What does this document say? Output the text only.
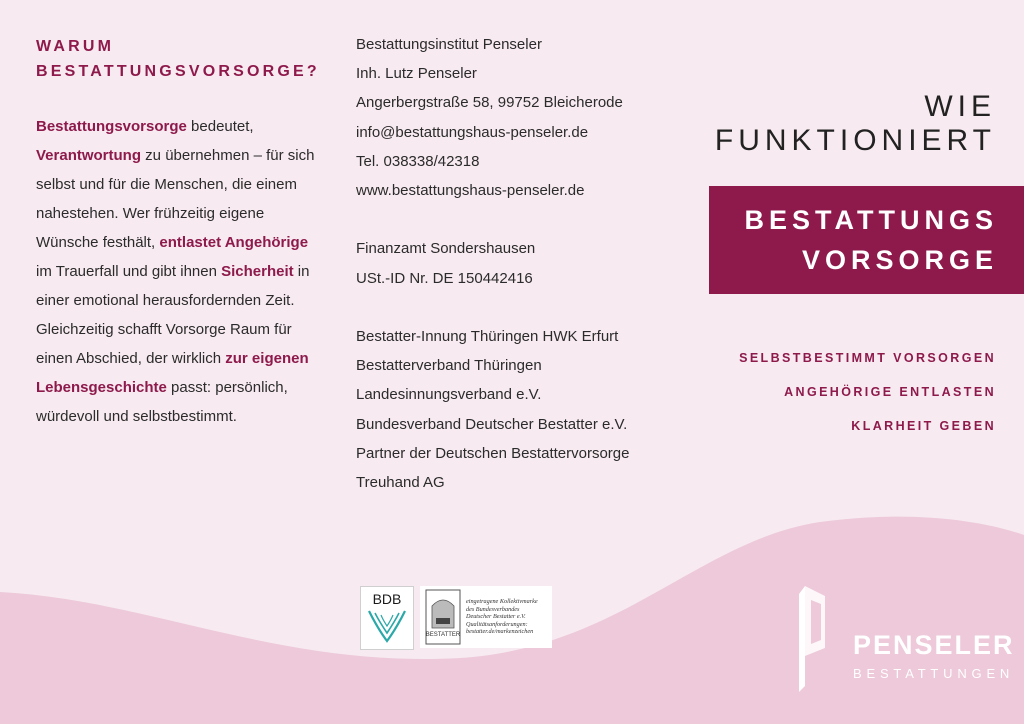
WARUM
BESTATTUNGSVORSORGE?
Bestattungsvorsorge bedeutet, Verantwortung zu übernehmen – für sich selbst und für die Menschen, die einem nahestehen. Wer frühzeitig eigene Wünsche festhält, entlastet Angehörige im Trauerfall und gibt ihnen Sicherheit in einer emotional herausfordernden Zeit. Gleichzeitig schafft Vorsorge Raum für einen Abschied, der wirklich zur eigenen Lebensgeschichte passt: persönlich, würdevoll und selbstbestimmt.
Bestattungsinstitut Penseler
Inh. Lutz Penseler
Angerbergstraße 58, 99752 Bleicherode
info@bestattungshaus-penseler.de
Tel. 038338/42318
www.bestattungshaus-penseler.de
Finanzamt Sondershausen
USt.-ID Nr. DE 150442416
Bestatter-Innung Thüringen HWK Erfurt
Bestatterverband Thüringen
Landesinnungsverband e.V.
Bundesverband Deutscher Bestatter e.V.
Partner der Deutschen Bestattervorsorge
Treuhand AG
WIE
FUNKTIONIERT
BESTATTUNGS
VORSORGE
SELBSTBESTIMMT VORSORGEN
ANGEHÖRIGE ENTLASTEN
KLARHEIT GEBEN
BDB
BESTATTER
eingetragene Kollektivmarke
des Bundesverbandes
Deutscher Bestatter e.V.
Qualitätsanforderungen:
bestatter.de/markenzeichen	PENSELER
BESTATTUNGEN
